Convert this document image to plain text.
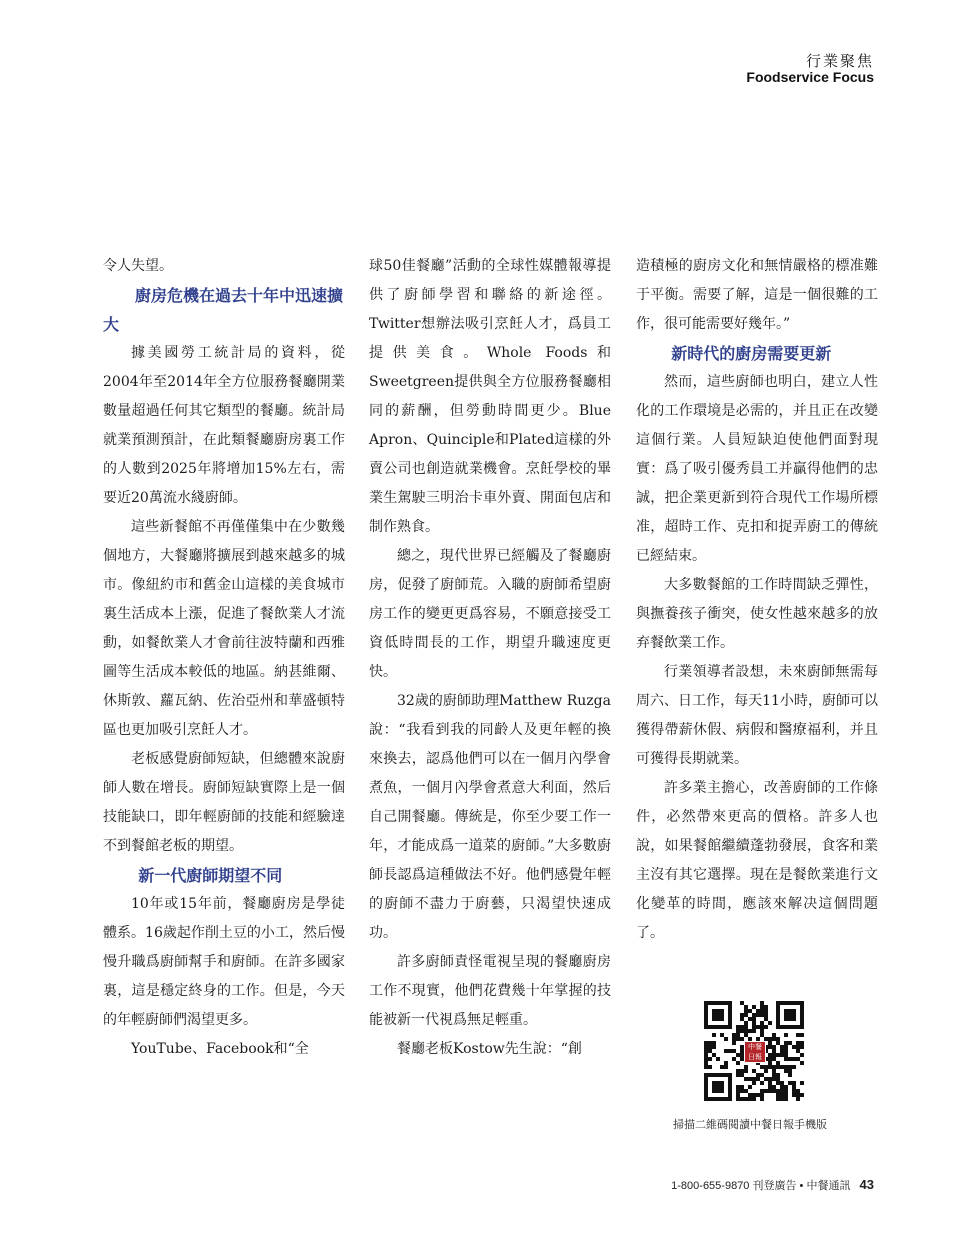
行業聚焦
Foodservice Focus

令人失望。

廚房危機在過去十年中迅速擴大

據美國勞工統計局的資料，從2004年至2014年全方位服務餐廳開業數量超過任何其它類型的餐廳。統計局就業預測預計，在此類餐廳廚房裏工作的人數到2025年將增加15%左右，需要近20萬流水綫廚師。

這些新餐館不再僅僅集中在少數幾個地方，大餐廳將擴展到越來越多的城市。像紐約市和舊金山這樣的美食城市裏生活成本上漲，促進了餐飲業人才流動，如餐飲業人才會前往波特蘭和西雅圖等生活成本較低的地區。納甚維爾、休斯敦、蘿瓦納、佐治亞州和華盛頓特區也更加吸引烹飪人才。

老板感覺廚師短缺，但總體來說廚師人數在增長。廚師短缺實際上是一個技能缺口，即年輕廚師的技能和經驗達不到餐館老板的期望。

新一代廚師期望不同

10年或15年前，餐廳廚房是學徒體系。16歲起作削土豆的小工，然后慢慢升職爲廚師幫手和廚師。在許多國家裏，這是穩定終身的工作。但是，今天的年輕廚師們渴望更多。

YouTube、Facebook和“全

球50佳餐廳”活動的全球性媒體報導提供了廚師學習和聯絡的新途徑。Twitter想辦法吸引烹飪人才，爲員工提供美食。Whole Foods和Sweetgreen提供與全方位服務餐廳相同的薪酬，但勞動時間更少。Blue Apron、Quinciple和Plated這樣的外賣公司也創造就業機會。烹飪學校的畢業生駕駛三明治卡車外賣、開面包店和制作熟食。

總之，現代世界已經觸及了餐廳廚房，促發了廚師荒。入職的廚師希望廚房工作的變更更爲容易，不願意接受工資低時間長的工作，期望升職速度更快。

32歲的廚師助理Matthew Ruzga說：“我看到我的同齡人及更年輕的換來換去，認爲他們可以在一個月內學會煮魚，一個月內學會煮意大利面，然后自己開餐廳。傳統是，你至少要工作一年，才能成爲一道菜的廚師。”大多數廚師長認爲這種做法不好。他們感覺年輕的廚師不盡力于廚藝，只渴望快速成功。

許多廚師責怪電視呈現的餐廳廚房工作不現實，他們花費幾十年掌握的技能被新一代視爲無足輕重。

餐廳老板Kostow先生說：“創

造積極的廚房文化和無情嚴格的標准難于平衡。需要了解，這是一個很難的工作，很可能需要好幾年。”

新時代的廚房需要更新

然而，這些廚師也明白，建立人性化的工作環境是必需的，并且正在改變這個行業。人員短缺迫使他們面對現實：爲了吸引優秀員工并贏得他們的忠誠，把企業更新到符合現代工作場所標准，超時工作、克扣和捉弄廚工的傳統已經結束。

大多數餐館的工作時間缺乏彈性，與撫養孩子衝突，使女性越來越多的放弃餐飲業工作。

行業領導者設想，未來廚師無需每周六、日工作，每天11小時，廚師可以獲得帶薪休假、病假和醫療福利，并且可獲得長期就業。

許多業主擔心，改善廚師的工作條件，必然帶來更高的價格。許多人也說，如果餐館繼續蓬勃發展，食客和業主沒有其它選擇。現在是餐飲業進行文化變革的時間，應該來解决這個問題了。

中餐日報
掃描二維碼閱讀中餐日報手機版
1-800-655-9870 刊登廣告 • 中餐通訊 43
